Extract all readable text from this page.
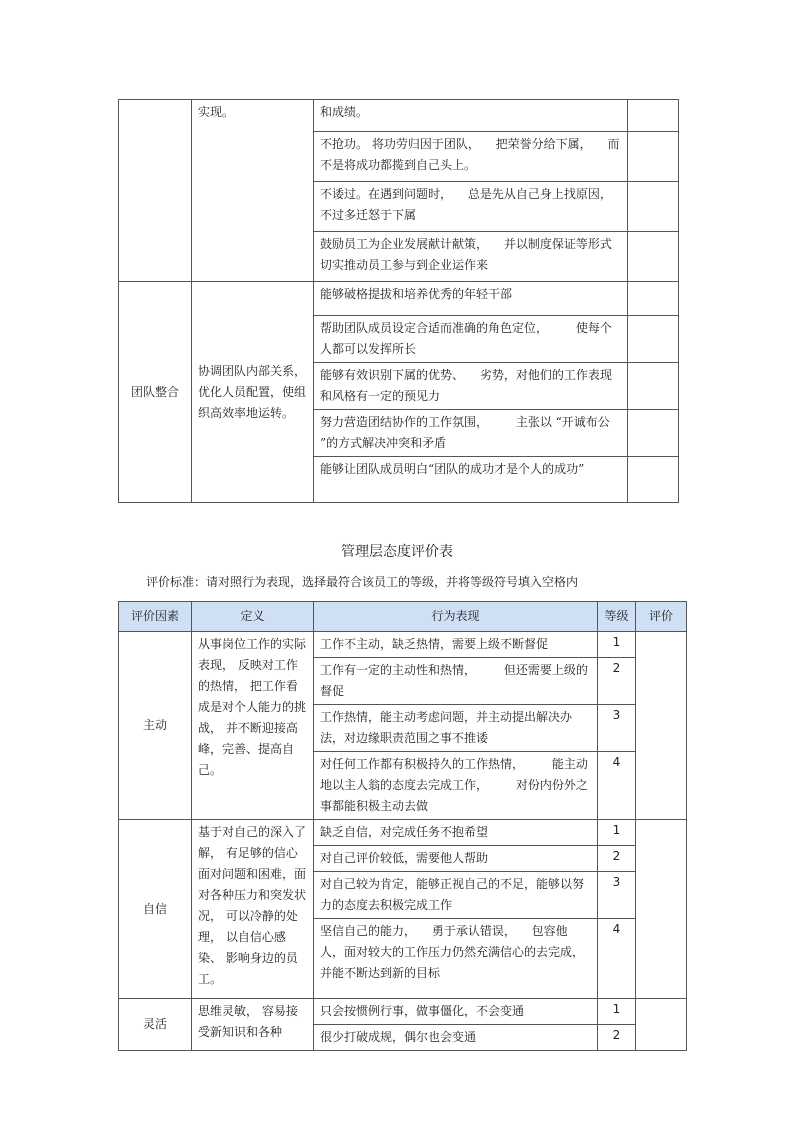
	实现。	和成绩。	
		不抢功。 将功劳归因于团队， 　把荣誉分给下属， 　而不是将成功都揽到自己头上。	
		不诿过。在遇到问题时， 　总是先从自己身上找原因，不过多迁怒于下属	
		鼓励员工为企业发展献计献策， 　并以制度保证等形式切实推动员工参与到企业运作来	
团队整合	协调团队内部关系，优化人员配置，使组织高效率地运转。	能够破格提拔和培养优秀的年轻干部	
		帮助团队成员设定合适而准确的角色定位， 　　使每个人都可以发挥所长	
		能够有效识别下属的优势、 　劣势，对他们的工作表现和风格有一定的预见力	
		努力营造团结协作的工作氛围， 　　主张以 “开诚布公 ”的方式解决冲突和矛盾	
		能够让团队成员明白“团队的成功才是个人的成功”	
管理层态度评价表
评价标准：请对照行为表现，选择最符合该员工的等级，并将等级符号填入空格内
评价因素	定义	行为表现	等级	评价
主动	从事岗位工作的实际表现， 反映对工作的热情， 把工作看成是对个人能力的挑战， 并不断迎接高峰，完善、提高自己。	工作不主动，缺乏热情，需要上级不断督促	1	
		工作有一定的主动性和热情， 　　但还需要上级的督促	2	
		工作热情，能主动考虑问题，并主动提出解决办法，对边缘职责范围之事不推诿	3	
		对任何工作都有积极持久的工作热情， 　　能主动地以主人翁的态度去完成工作， 　　对份内份外之事都能积极主动去做	4	
自信	基于对自己的深入了解， 有足够的信心面对问题和困难，面对各种压力和突发状况， 可以冷静的处理， 以自信心感染、 影响身边的员工。	缺乏自信，对完成任务不抱希望	1	
		对自己评价较低，需要他人帮助	2	
		对自己较为肯定，能够正视自己的不足，能够以努力的态度去积极完成工作	3	
		坚信自己的能力， 　勇于承认错误， 　包容他人，面对较大的工作压力仍然充满信心的去完成，并能不断达到新的目标	4	
灵活	思维灵敏， 容易接受新知识和各种	只会按惯例行事，做事僵化，不会变通	1	
		很少打破成规，偶尔也会变通	2	
